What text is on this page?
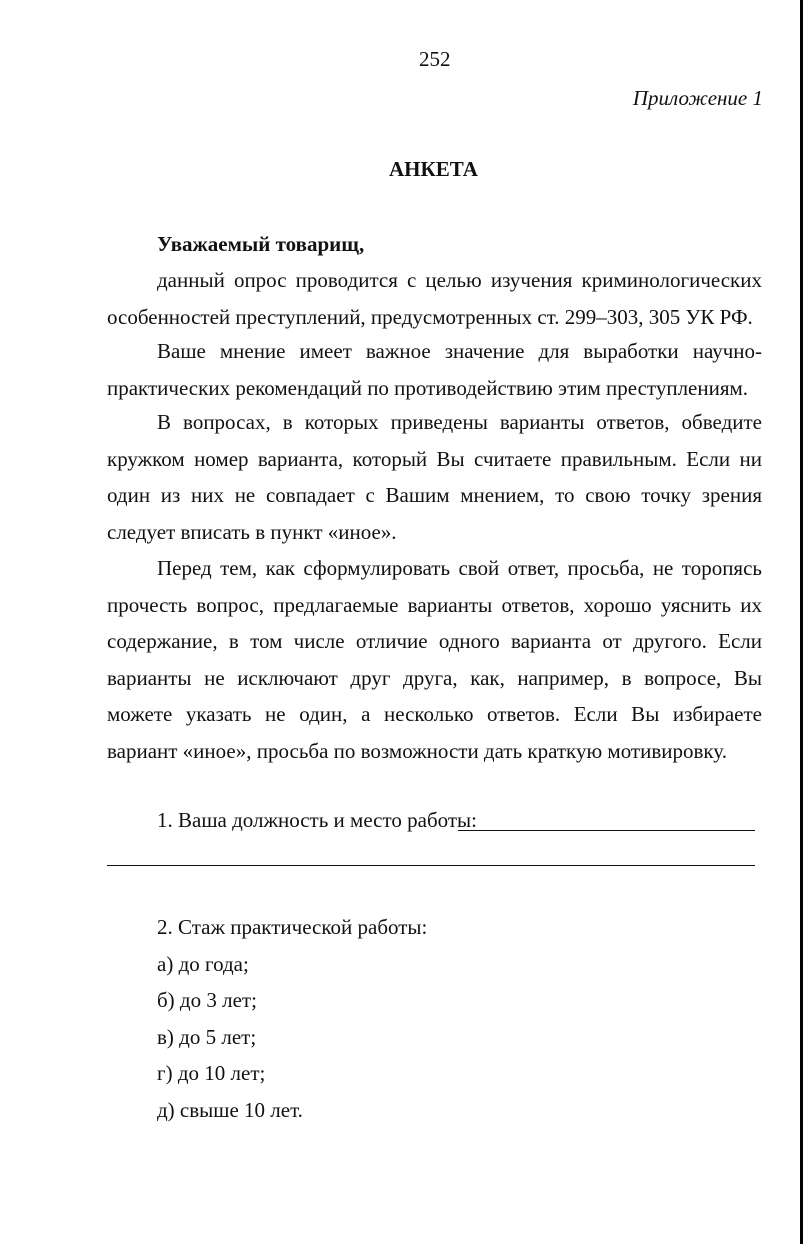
252

Приложение 1

АНКЕТА

Уважаемый товарищ,

данный опрос проводится с целью изучения криминологических особенностей преступлений, предусмотренных ст. 299–303, 305 УК РФ.

Ваше мнение имеет важное значение для выработки научно-практических рекомендаций по противодействию этим преступлениям.

В вопросах, в которых приведены варианты ответов, обведите кружком номер варианта, который Вы считаете правильным. Если ни один из них не совпадает с Вашим мнением, то свою точку зрения следует вписать в пункт «иное».

Перед тем, как сформулировать свой ответ, просьба, не торопясь прочесть вопрос, предлагаемые варианты ответов, хорошо уяснить их содержание, в том числе отличие одного варианта от другого. Если варианты не исключают друг друга, как, например, в вопросе, Вы можете указать не один, а несколько ответов. Если Вы избираете вариант «иное», просьба по возможности дать краткую мотивировку.

1. Ваша должность и место работы:

2. Стаж практической работы:

а) до года;

б) до 3 лет;

в) до 5 лет;

г) до 10 лет;

д) свыше 10 лет.
